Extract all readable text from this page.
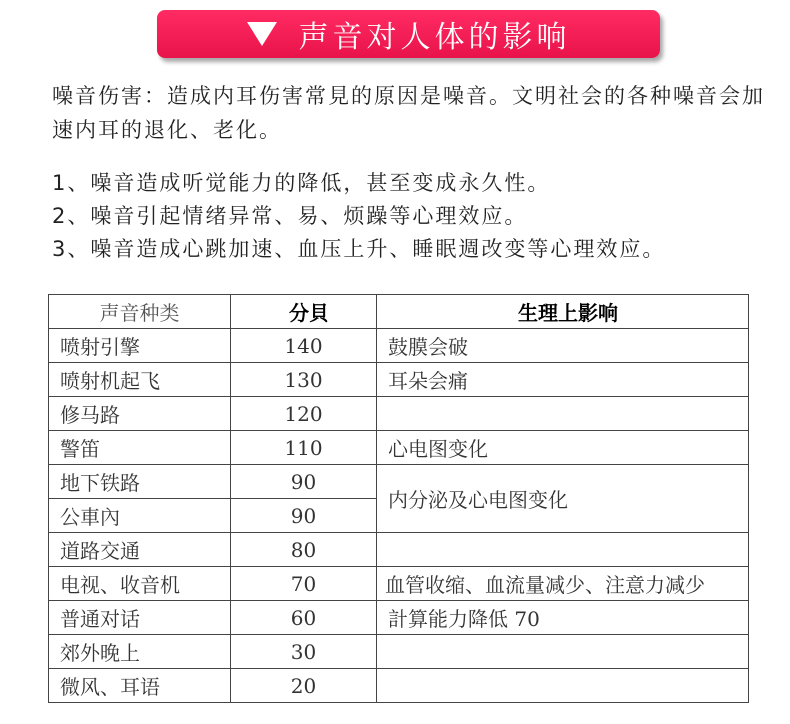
声音对人体的影响

噪音伤害：造成内耳伤害常見的原因是噪音。文明社会的各种噪音会加速内耳的退化、老化。

1、噪音造成听觉能力的降低，甚至变成永久性。
2、噪音引起情绪异常、易、烦躁等心理效应。
3、噪音造成心跳加速、血压上升、睡眠週改变等心理效应。
声音种类	分貝	生理上影响
喷射引擎	140	鼓膜会破
喷射机起飞	130	耳朵会痛
修马路	120	
警笛	110	心电图变化
地下铁路	90	内分泌及心电图变化
公車內	90	
道路交通	80	
电视、收音机	70	血管收缩、血流量减少、注意力减少
普通对话	60	計算能力降低 70
郊外晚上	30	
微风、耳语	20	
